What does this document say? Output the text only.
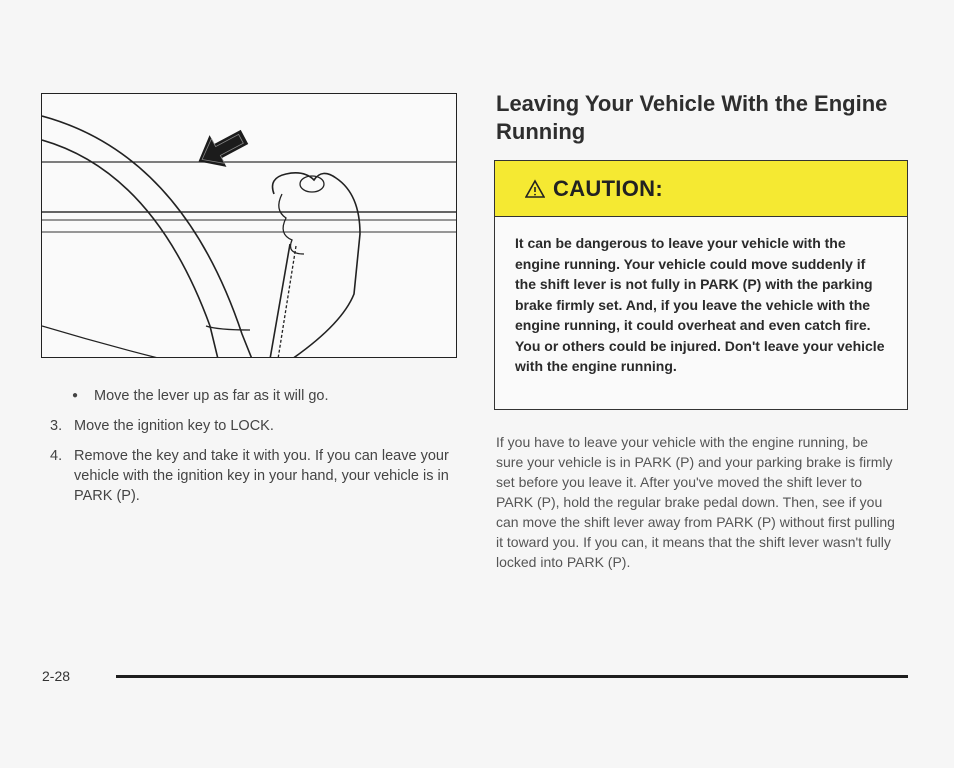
● Move the lever up as far as it will go.
3. Move the ignition key to LOCK.
4. Remove the key and take it with you. If you can leave your vehicle with the ignition key in your hand, your vehicle is in PARK (P).
Leaving Your Vehicle With the Engine Running
CAUTION:
It can be dangerous to leave your vehicle with the engine running. Your vehicle could move suddenly if the shift lever is not fully in PARK (P) with the parking brake firmly set. And, if you leave the vehicle with the engine running, it could overheat and even catch fire. You or others could be injured. Don't leave your vehicle with the engine running.
If you have to leave your vehicle with the engine running, be sure your vehicle is in PARK (P) and your parking brake is firmly set before you leave it. After you've moved the shift lever to PARK (P), hold the regular brake pedal down. Then, see if you can move the shift lever away from PARK (P) without first pulling it toward you. If you can, it means that the shift lever wasn't fully locked into PARK (P).
2-28
